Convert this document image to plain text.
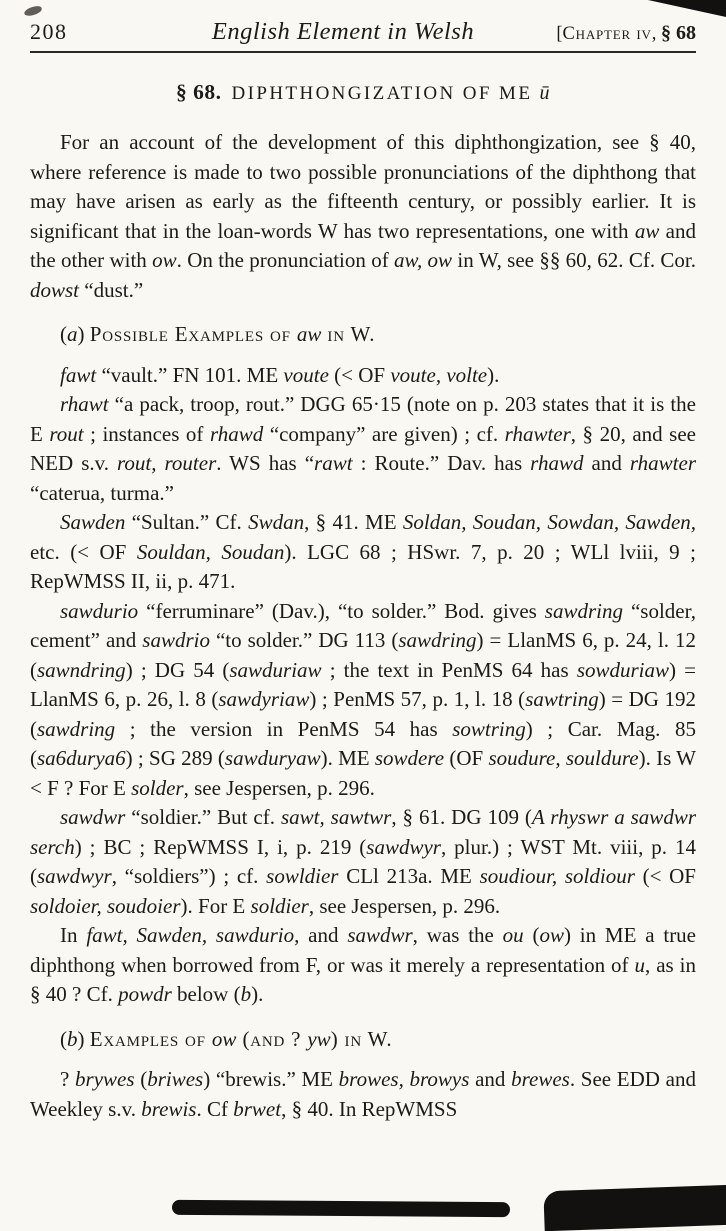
208	English Element in Welsh	[Chapter iv, § 68
§ 68. DIPHTHONGIZATION OF ME ū

For an account of the development of this diphthongization, see § 40, where reference is made to two possible pronunciations of the diphthong that may have arisen as early as the fifteenth century, or possibly earlier. It is significant that in the loan-words W has two representations, one with aw and the other with ow. On the pronunciation of aw, ow in W, see §§ 60, 62. Cf. Cor. dowst “dust.”

(a) Possible Examples of aw in W.

fawt “vault.” FN 101. ME voute (< OF voute, volte).

rhawt “a pack, troop, rout.” DGG 65·15 (note on p. 203 states that it is the E rout ; instances of rhawd “company” are given) ; cf. rhawter, § 20, and see NED s.v. rout, router. WS has “rawt : Route.” Dav. has rhawd and rhawter “caterua, turma.”

Sawden “Sultan.” Cf. Swdan, § 41. ME Soldan, Soudan, Sowdan, Sawden, etc. (< OF Souldan, Soudan). LGC 68 ; HSwr. 7, p. 20 ; WLl lviii, 9 ; RepWMSS II, ii, p. 471.

sawdurio “ferruminare” (Dav.), “to solder.” Bod. gives sawdring “solder, cement” and sawdrio “to solder.” DG 113 (sawdring) = LlanMS 6, p. 24, l. 12 (sawndring) ; DG 54 (sawduriaw ; the text in PenMS 64 has sowduriaw) = LlanMS 6, p. 26, l. 8 (sawdyriaw) ; PenMS 57, p. 1, l. 18 (sawtring) = DG 192 (sawdring ; the version in PenMS 54 has sowtring) ; Car. Mag. 85 (sa6durya6) ; SG 289 (sawduryaw). ME sowdere (OF soudure, souldure). Is W < F ? For E solder, see Jespersen, p. 296.

sawdwr “soldier.” But cf. sawt, sawtwr, § 61. DG 109 (A rhyswr a sawdwr serch) ; BC ; RepWMSS I, i, p. 219 (sawdwyr, plur.) ; WST Mt. viii, p. 14 (sawdwyr, “soldiers”) ; cf. sowldier CLl 213a. ME soudiour, soldiour (< OF soldoier, soudoier). For E soldier, see Jespersen, p. 296.

In fawt, Sawden, sawdurio, and sawdwr, was the ou (ow) in ME a true diphthong when borrowed from F, or was it merely a representation of u, as in § 40 ? Cf. powdr below (b).

(b) Examples of ow (and ? yw) in W.

? brywes (briwes) “brewis.” ME browes, browys and brewes. See EDD and Weekley s.v. brewis. Cf brwet, § 40. In RepWMSS
